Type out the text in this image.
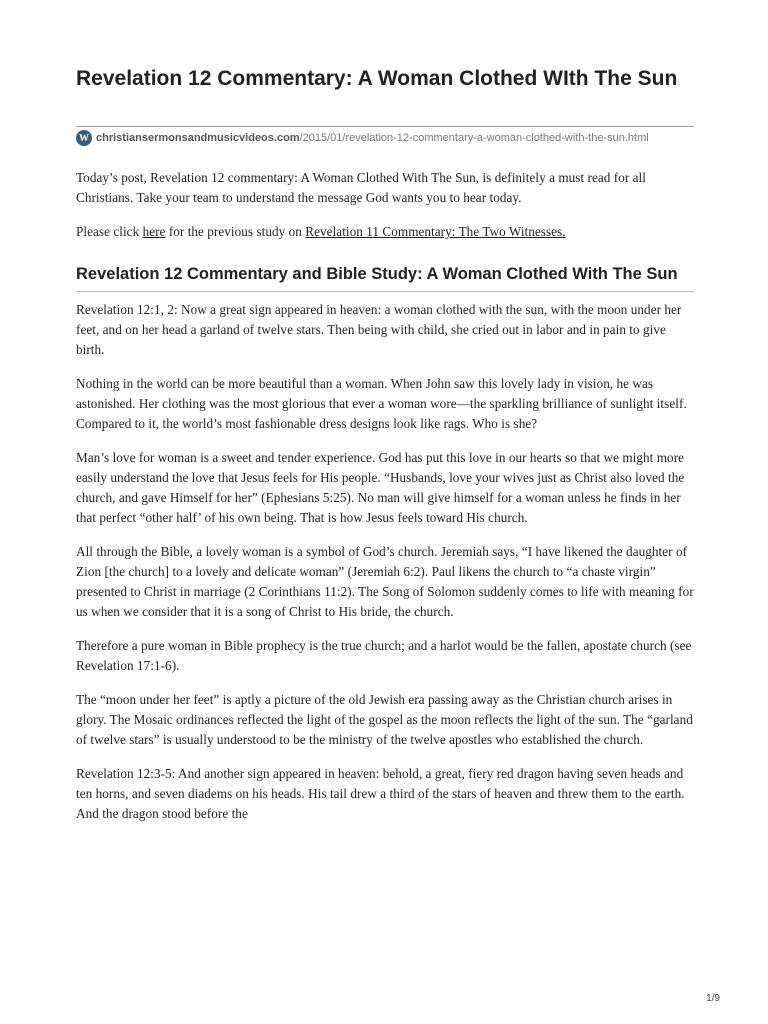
Revelation 12 Commentary: A Woman Clothed WIth The Sun
W christiansermonsandmusicvideos.com /2015/01/revelation-12-commentary-a-woman-clothed-with-the-sun.html

Today’s post, Revelation 12 commentary: A Woman Clothed With The Sun, is definitely a must read for all Christians. Take your team to understand the message God wants you to hear today.

Please click here for the previous study on Revelation 11 Commentary: The Two Witnesses.

Revelation 12 Commentary and Bible Study: A Woman Clothed With The Sun

Revelation 12:1, 2: Now a great sign appeared in heaven: a woman clothed with the sun, with the moon under her feet, and on her head a garland of twelve stars. Then being with child, she cried out in labor and in pain to give birth.

Nothing in the world can be more beautiful than a woman. When John saw this lovely lady in vision, he was astonished. Her clothing was the most glorious that ever a woman wore—the sparkling brilliance of sunlight itself. Compared to it, the world’s most fashionable dress designs look like rags. Who is she?

Man’s love for woman is a sweet and tender experience. God has put this love in our hearts so that we might more easily understand the love that Jesus feels for His people. “Husbands, love your wives just as Christ also loved the church, and gave Himself for her” (Ephesians 5:25). No man will give himself for a woman unless he finds in her that perfect “other half’ of his own being. That is how Jesus feels toward His church.

All through the Bible, a lovely woman is a symbol of God’s church. Jeremiah says, “I have likened the daughter of Zion [the church] to a lovely and delicate woman” (Jeremiah 6:2). Paul likens the church to “a chaste virgin” presented to Christ in marriage (2 Corinthians 11:2). The Song of Solomon suddenly comes to life with meaning for us when we consider that it is a song of Christ to His bride, the church.

Therefore a pure woman in Bible prophecy is the true church; and a harlot would be the fallen, apostate church (see Revelation 17:1-6).

The “moon under her feet” is aptly a picture of the old Jewish era passing away as the Christian church arises in glory. The Mosaic ordinances reflected the light of the gospel as the moon reflects the light of the sun. The “garland of twelve stars” is usually understood to be the ministry of the twelve apostles who established the church.

Revelation 12:3-5: And another sign appeared in heaven: behold, a great, fiery red dragon having seven heads and ten horns, and seven diadems on his heads. His tail drew a third of the stars of heaven and threw them to the earth. And the dragon stood before the

1/9
